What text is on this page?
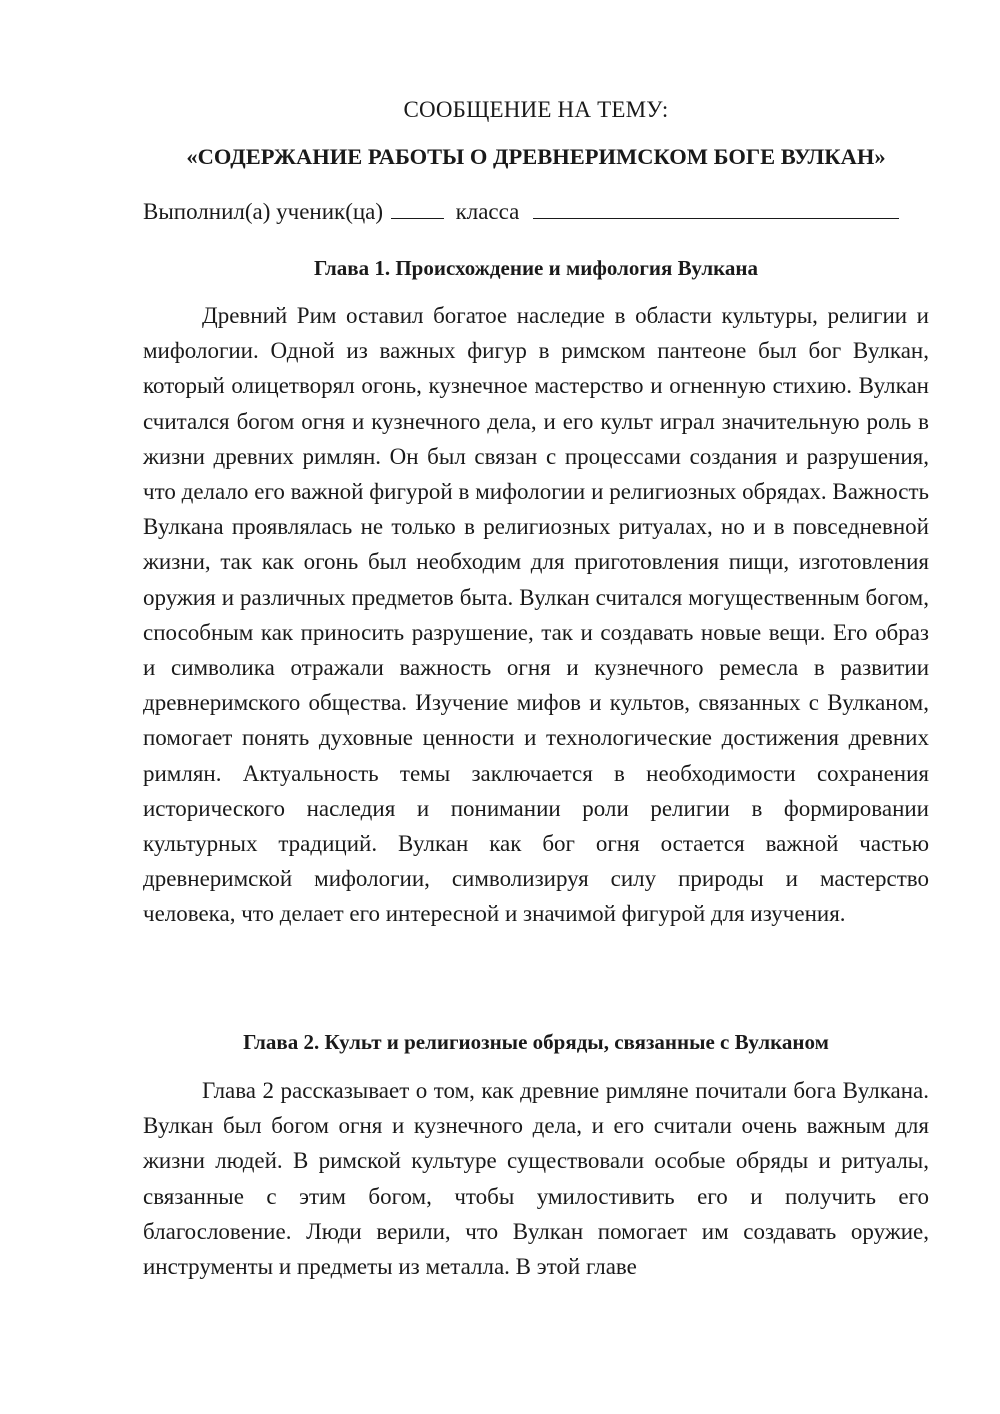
СООБЩЕНИЕ НА ТЕМУ:
«СОДЕРЖАНИЕ РАБОТЫ О ДРЕВНЕРИМСКОМ БОГЕ ВУЛКАН»
Выполнил(а) ученик(ца)	класса
Глава 1. Происхождение и мифология Вулкана

Древний Рим оставил богатое наследие в области культуры, религии и мифологии. Одной из важных фигур в римском пантеоне был бог Вулкан, который олицетворял огонь, кузнечное мастерство и огненную стихию. Вулкан считался богом огня и кузнечного дела, и его культ играл значительную роль в жизни древних римлян. Он был связан с процессами создания и разрушения, что делало его важной фигурой в мифологии и религиозных обрядах. Важность Вулкана проявлялась не только в религиозных ритуалах, но и в повседневной жизни, так как огонь был необходим для приготовления пищи, изготовления оружия и различных предметов быта. Вулкан считался могущественным богом, способным как приносить разрушение, так и создавать новые вещи. Его образ и символика отражали важность огня и кузнечного ремесла в развитии древнеримского общества. Изучение мифов и культов, связанных с Вулканом, помогает понять духовные ценности и технологические достижения древних римлян. Актуальность темы заключается в необходимости сохранения исторического наследия и понимании роли религии в формировании культурных традиций. Вулкан как бог огня остается важной частью древнеримской мифологии, символизируя силу природы и мастерство человека, что делает его интересной и значимой фигурой для изучения.

Глава 2. Культ и религиозные обряды, связанные с Вулканом

Глава 2 рассказывает о том, как древние римляне почитали бога Вулкана. Вулкан был богом огня и кузнечного дела, и его считали очень важным для жизни людей. В римской культуре существовали особые обряды и ритуалы, связанные с этим богом, чтобы умилостивить его и получить его благословение. Люди верили, что Вулкан помогает им создавать оружие, инструменты и предметы из металла. В этой главе
